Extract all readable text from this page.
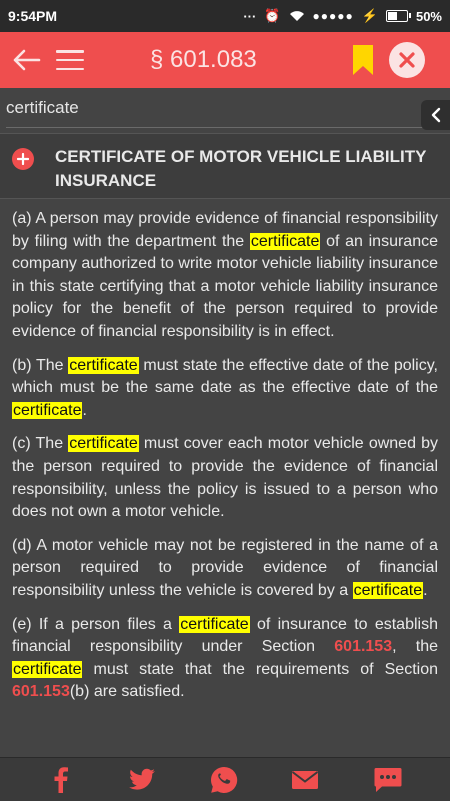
9:54PM	··· ⏰	●●●●● ⚡	50%
§ 601.083
certificate
CERTIFICATE OF MOTOR VEHICLE LIABILITY INSURANCE

(a) A person may provide evidence of financial responsibility by filing with the department the certificate of an insurance company authorized to write motor vehicle liability insurance in this state certifying that a motor vehicle liability insurance policy for the benefit of the person required to provide evidence of financial responsibility is in effect.

(b) The certificate must state the effective date of the policy, which must be the same date as the effective date of the certificate.

(c) The certificate must cover each motor vehicle owned by the person required to provide the evidence of financial responsibility, unless the policy is issued to a person who does not own a motor vehicle.

(d) A motor vehicle may not be registered in the name of a person required to provide evidence of financial responsibility unless the vehicle is covered by a certificate.

(e) If a person files a certificate of insurance to establish financial responsibility under Section 601.153, the certificate must state that the requirements of Section 601.153(b) are satisfied.
